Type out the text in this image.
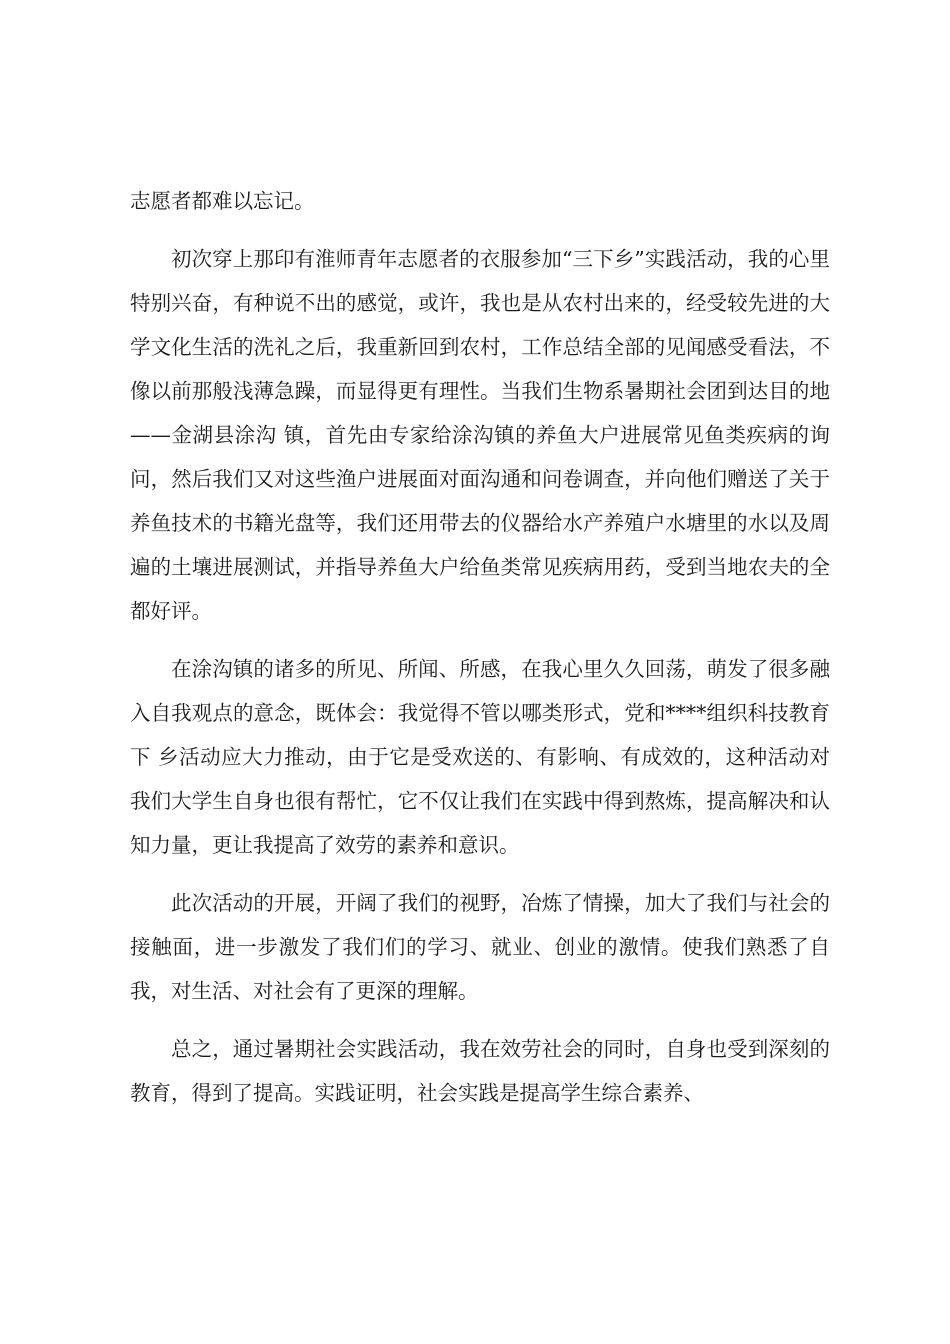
志愿者都难以忘记。

初次穿上那印有淮师青年志愿者的衣服参加“三下乡”实践活动，我的心里特别兴奋，有种说不出的感觉，或许，我也是从农村出来的，经受较先进的大学文化生活的洗礼之后，我重新回到农村，工作总结全部的见闻感受看法，不像以前那般浅薄急躁，而显得更有理性。当我们生物系暑期社会团到达目的地——金湖县涂沟 镇，首先由专家给涂沟镇的养鱼大户进展常见鱼类疾病的询问，然后我们又对这些渔户进展面对面沟通和问卷调查，并向他们赠送了关于养鱼技术的书籍光盘等，我们还用带去的仪器给水产养殖户水塘里的水以及周遍的土壤进展测试，并指导养鱼大户给鱼类常见疾病用药，受到当地农夫的全都好评。

在涂沟镇的诸多的所见、所闻、所感，在我心里久久回荡，萌发了很多融入自我观点的意念，既体会：我觉得不管以哪类形式，党和****组织科技教育下 乡活动应大力推动，由于它是受欢送的、有影响、有成效的，这种活动对我们大学生自身也很有帮忙，它不仅让我们在实践中得到熬炼，提高解决和认知力量，更让我提高了效劳的素养和意识。

此次活动的开展，开阔了我们的视野，冶炼了情操，加大了我们与社会的接触面，进一步激发了我们们的学习、就业、创业的激情。使我们熟悉了自我，对生活、对社会有了更深的理解。

总之，通过暑期社会实践活动，我在效劳社会的同时，自身也受到深刻的教育，得到了提高。实践证明，社会实践是提高学生综合素养、
